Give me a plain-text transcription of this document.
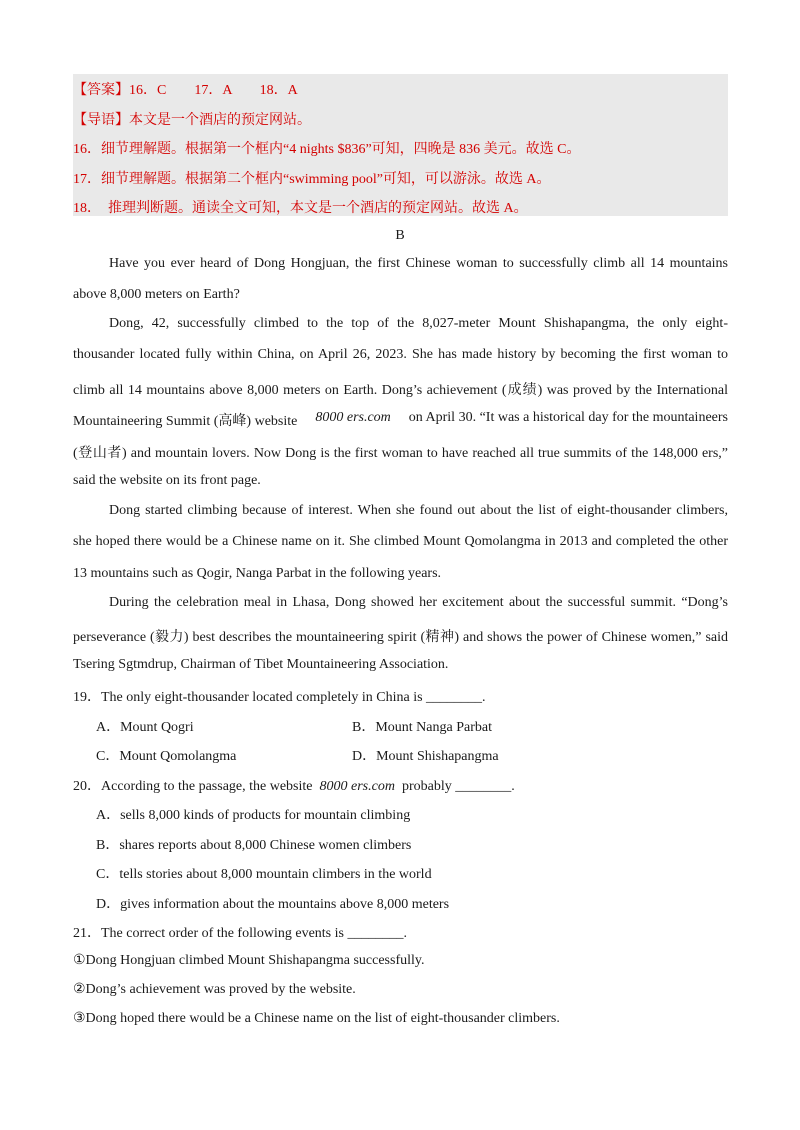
【答案】16．C　　17．A　　18．A
【导语】本文是一个酒店的预定网站。
16．细节理解题。根据第一个框内“4 nights $836”可知，四晚是 836 美元。故选 C。
17．细节理解题。根据第二个框内“swimming pool”可知，可以游泳。故选 A。
18．　推理判断题。通读全文可知，本文是一个酒店的预定网站。故选 A。
B
Have you ever heard of Dong Hongjuan, the first Chinese woman to successfully climb all 14 mountains
above 8,000 meters on Earth?
Dong, 42, successfully climbed to the top of the 8,027-meter Mount Shishapangma, the only eight-
thousander located fully within China, on April 26, 2023. She has made history by becoming the first woman to
climb all 14 mountains above 8,000 meters on Earth. Dong’s achievement (成绩) was proved by the International
Mountaineering Summit (高峰) website 8000 ers.com on April 30. “It was a historical day for the mountaineers
(登山者) and mountain lovers. Now Dong is the first woman to have reached all true summits of the 148,000 ers,”
said the website on its front page.
Dong started climbing because of interest. When she found out about the list of eight-thousander climbers,
she hoped there would be a Chinese name on it. She climbed Mount Qomolangma in 2013 and completed the other
13 mountains such as Qogir, Nanga Parbat in the following years.
During the celebration meal in Lhasa, Dong showed her excitement about the successful summit. “Dong’s
perseverance (毅力) best describes the mountaineering spirit (精神) and shows the power of Chinese women,” said
Tsering Sgtmdrup, Chairman of Tibet Mountaineering Association.
19．The only eight-thousander located completely in China is ________.
A．Mount Qogri	B．Mount Nanga Parbat
C．Mount Qomolangma	D．Mount Shishapangma
20．According to the passage, the website 8000 ers.com probably ________.
A．sells 8,000 kinds of products for mountain climbing
B．shares reports about 8,000 Chinese women climbers
C．tells stories about 8,000 mountain climbers in the world
D．gives information about the mountains above 8,000 meters
21．The correct order of the following events is ________.
①Dong Hongjuan climbed Mount Shishapangma successfully.
②Dong’s achievement was proved by the website.
③Dong hoped there would be a Chinese name on the list of eight-thousander climbers.
